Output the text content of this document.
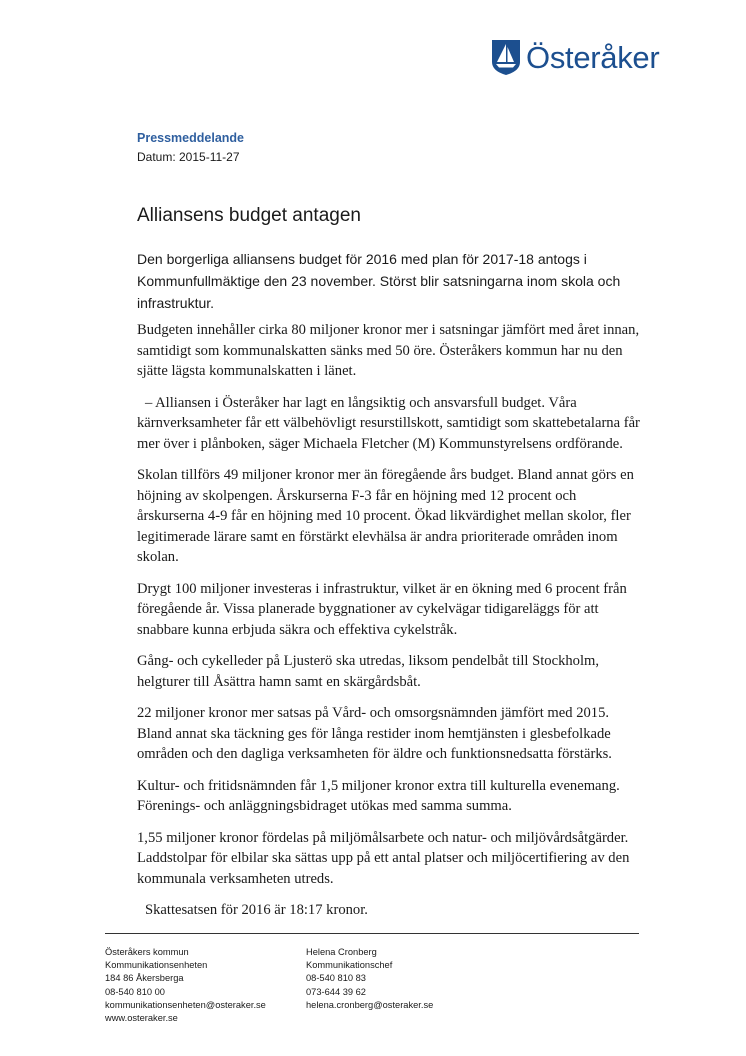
Österåker
Pressmeddelande
Datum: 2015-11-27
Alliansens budget antagen
Den borgerliga alliansens budget för 2016 med plan för 2017-18 antogs i Kommunfullmäktige den 23 november. Störst blir satsningarna inom skola och infrastruktur.

Budgeten innehåller cirka 80 miljoner kronor mer i satsningar jämfört med året innan, samtidigt som kommunalskatten sänks med 50 öre. Österåkers kommun har nu den sjätte lägsta kommunalskatten i länet.

– Alliansen i Österåker har lagt en långsiktig och ansvarsfull budget. Våra kärnverksamheter får ett välbehövligt resurstillskott, samtidigt som skattebetalarna får mer över i plånboken, säger Michaela Fletcher (M) Kommunstyrelsens ordförande.

Skolan tillförs 49 miljoner kronor mer än föregående års budget. Bland annat görs en höjning av skolpengen. Årskurserna F-3 får en höjning med 12 procent och årskurserna 4-9 får en höjning med 10 procent. Ökad likvärdighet mellan skolor, fler legitimerade lärare samt en förstärkt elevhälsa är andra prioriterade områden inom skolan.

Drygt 100 miljoner investeras i infrastruktur, vilket är en ökning med 6 procent från föregående år. Vissa planerade byggnationer av cykelvägar tidigareläggs för att snabbare kunna erbjuda säkra och effektiva cykelstråk.

Gång- och cykelleder på Ljusterö ska utredas, liksom pendelbåt till Stockholm, helgturer till Åsättra hamn samt en skärgårdsbåt.

22 miljoner kronor mer satsas på Vård- och omsorgsnämnden jämfört med 2015. Bland annat ska täckning ges för långa restider inom hemtjänsten i glesbefolkade områden och den dagliga verksamheten för äldre och funktionsnedsatta förstärks.

Kultur- och fritidsnämnden får 1,5 miljoner kronor extra till kulturella evenemang. Förenings- och anläggningsbidraget utökas med samma summa.

1,55 miljoner kronor fördelas på miljömålsarbete och natur- och miljövårdsåtgärder. Laddstolpar för elbilar ska sättas upp på ett antal platser och miljöcertifiering av den kommunala verksamheten utreds.

Skattesatsen för 2016 är 18:17 kronor.

Österåkers kommun
Kommunikationsenheten
184 86 Åkersberga
08-540 810 00
kommunikationsenheten@osteraker.se
www.osteraker.se
Helena Cronberg
Kommunikationschef
08-540 810 83
073-644 39 62
helena.cronberg@osteraker.se
